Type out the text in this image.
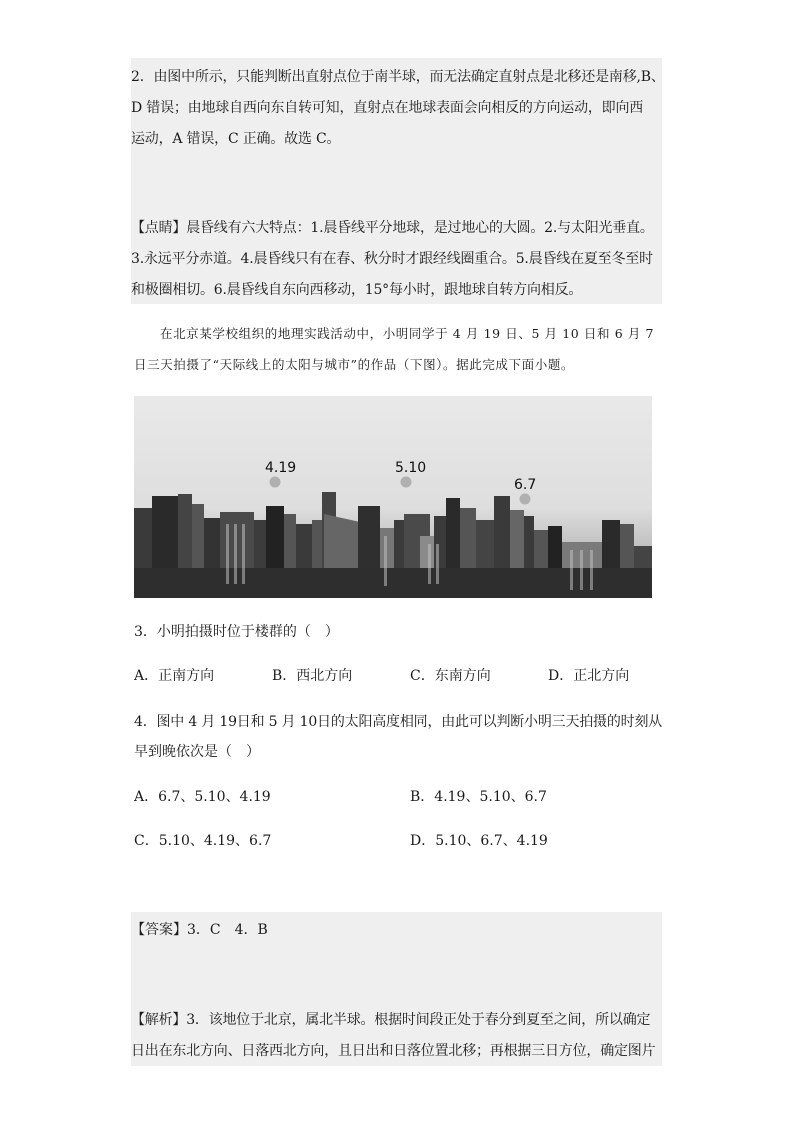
2．由图中所示，只能判断出直射点位于南半球，而无法确定直射点是北移还是南移,B、
D 错误；由地球自西向东自转可知，直射点在地球表面会向相反的方向运动，即向西
运动，A 错误，C 正确。故选 C。
【点睛】晨昏线有六大特点：1.晨昏线平分地球，是过地心的大圆。2.与太阳光垂直。
3.永远平分赤道。4.晨昏线只有在春、秋分时才跟经线圈重合。5.晨昏线在夏至冬至时
和极圈相切。6.晨昏线自东向西移动，15°每小时，跟地球自转方向相反。
在北京某学校组织的地理实践活动中，小明同学于 4 月 19 日、5 月 10 日和 6 月 7
日三天拍摄了“天际线上的太阳与城市”的作品（下图）。据此完成下面小题。
4.19	5.10
6.7
3．小明拍摄时位于楼群的（　）
A．正南方向	B．西北方向	C．东南方向	D．正北方向
4．图中 4 月 19日和 5 月 10日的太阳高度相同，由此可以判断小明三天拍摄的时刻从
早到晚依次是（　）
A．6.7、5.10、4.19	B．4.19、5.10、6.7
C．5.10、4.19、6.7	D．5.10、6.7、4.19
【答案】3．C　4．B
【解析】3．该地位于北京，属北半球。根据时间段正处于春分到夏至之间，所以确定
日出在东北方向、日落西北方向，且日出和日落位置北移；再根据三日方位，确定图片
